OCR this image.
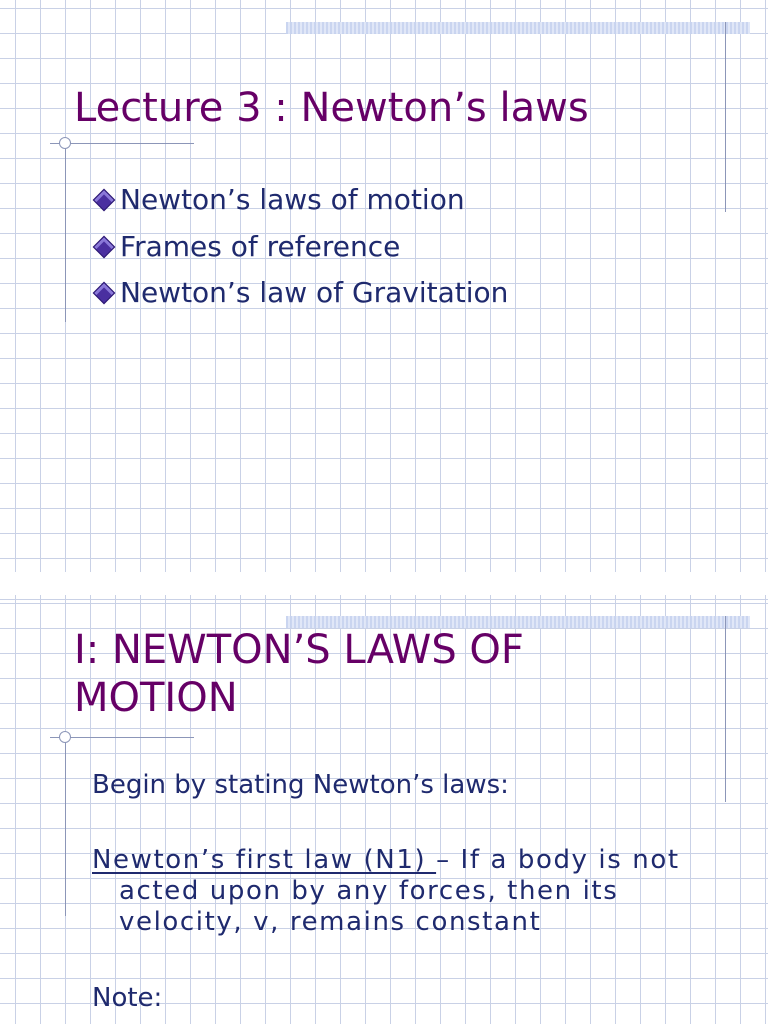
Lecture 3 : Newton’s laws
Newton’s laws of motion
Frames of reference
Newton’s law of Gravitation
I: NEWTON’S LAWS OF
MOTION

Begin by stating Newton’s laws:

Newton’s first law (N1) – If a body is not acted upon by any forces, then its velocity, v, remains constant

Note:
